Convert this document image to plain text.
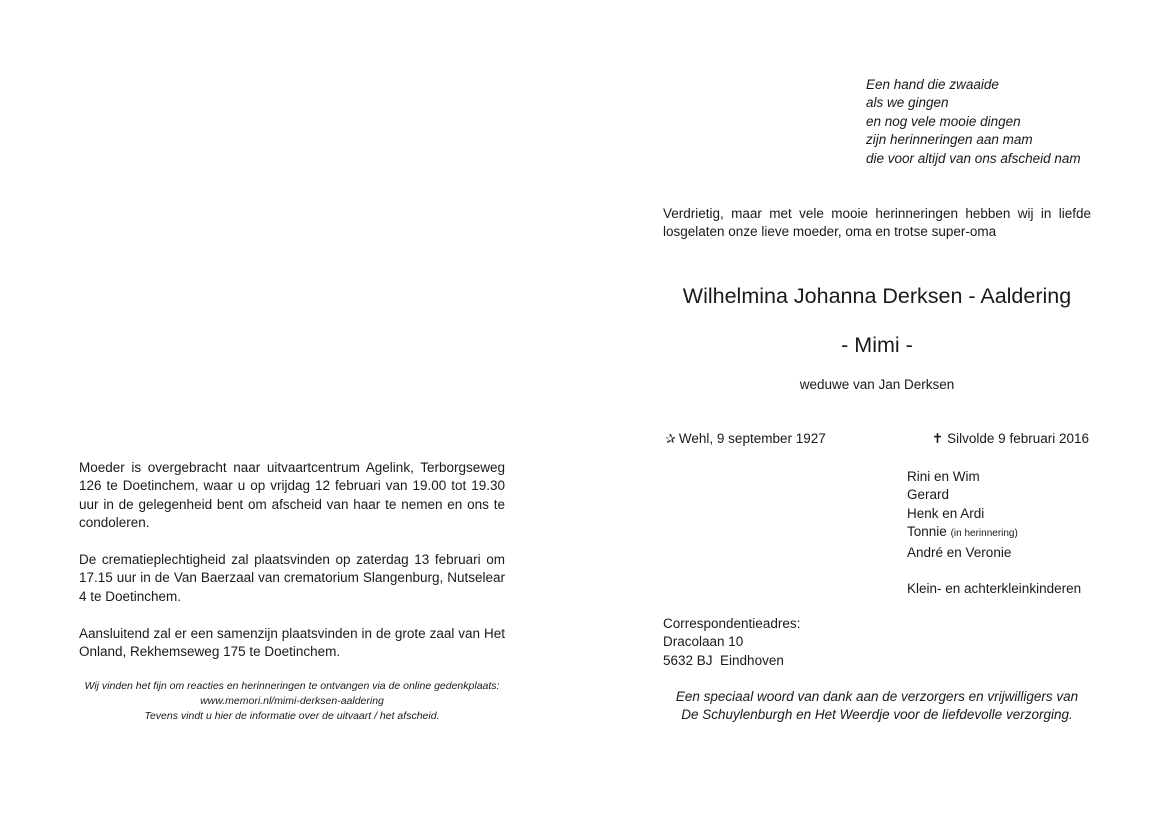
Een hand die zwaaide
als we gingen
en nog vele mooie dingen
zijn herinneringen aan mam
die voor altijd van ons afscheid nam
Verdrietig, maar met vele mooie herinneringen hebben wij in liefde losgelaten onze lieve moeder, oma en trotse super-oma
Wilhelmina Johanna Derksen - Aaldering
- Mimi -
weduwe van Jan Derksen
✰ Wehl, 9 september 1927	✝ Silvolde 9 februari 2016
Rini en Wim
Gerard
Henk en Ardi
Tonnie (in herinnering)
André en Veronie
Klein- en achterkleinkinderen
Correspondentieadres:
Dracolaan 10
5632 BJ  Eindhoven
Een speciaal woord van dank aan de verzorgers en vrijwilligers van
De Schuylenburgh en Het Weerdje voor de liefdevolle verzorging.

Moeder is overgebracht naar uitvaartcentrum Agelink, Terborgseweg 126 te Doetinchem, waar u op vrijdag 12 februari van 19.00 tot 19.30 uur in de gelegenheid bent om afscheid van haar te nemen en ons te condoleren.

De crematieplechtigheid zal plaatsvinden op zaterdag 13 februari om 17.15 uur in de Van Baerzaal van crematorium Slangenburg, Nutselear 4 te Doetinchem.

Aansluitend zal er een samenzijn plaatsvinden in de grote zaal van Het Onland, Rekhemseweg 175 te Doetinchem.

Wij vinden het fijn om reacties en herinneringen te ontvangen via de online gedenkplaats:
www.memori.nl/mimi-derksen-aaldering
Tevens vindt u hier de informatie over de uitvaart / het afscheid.
